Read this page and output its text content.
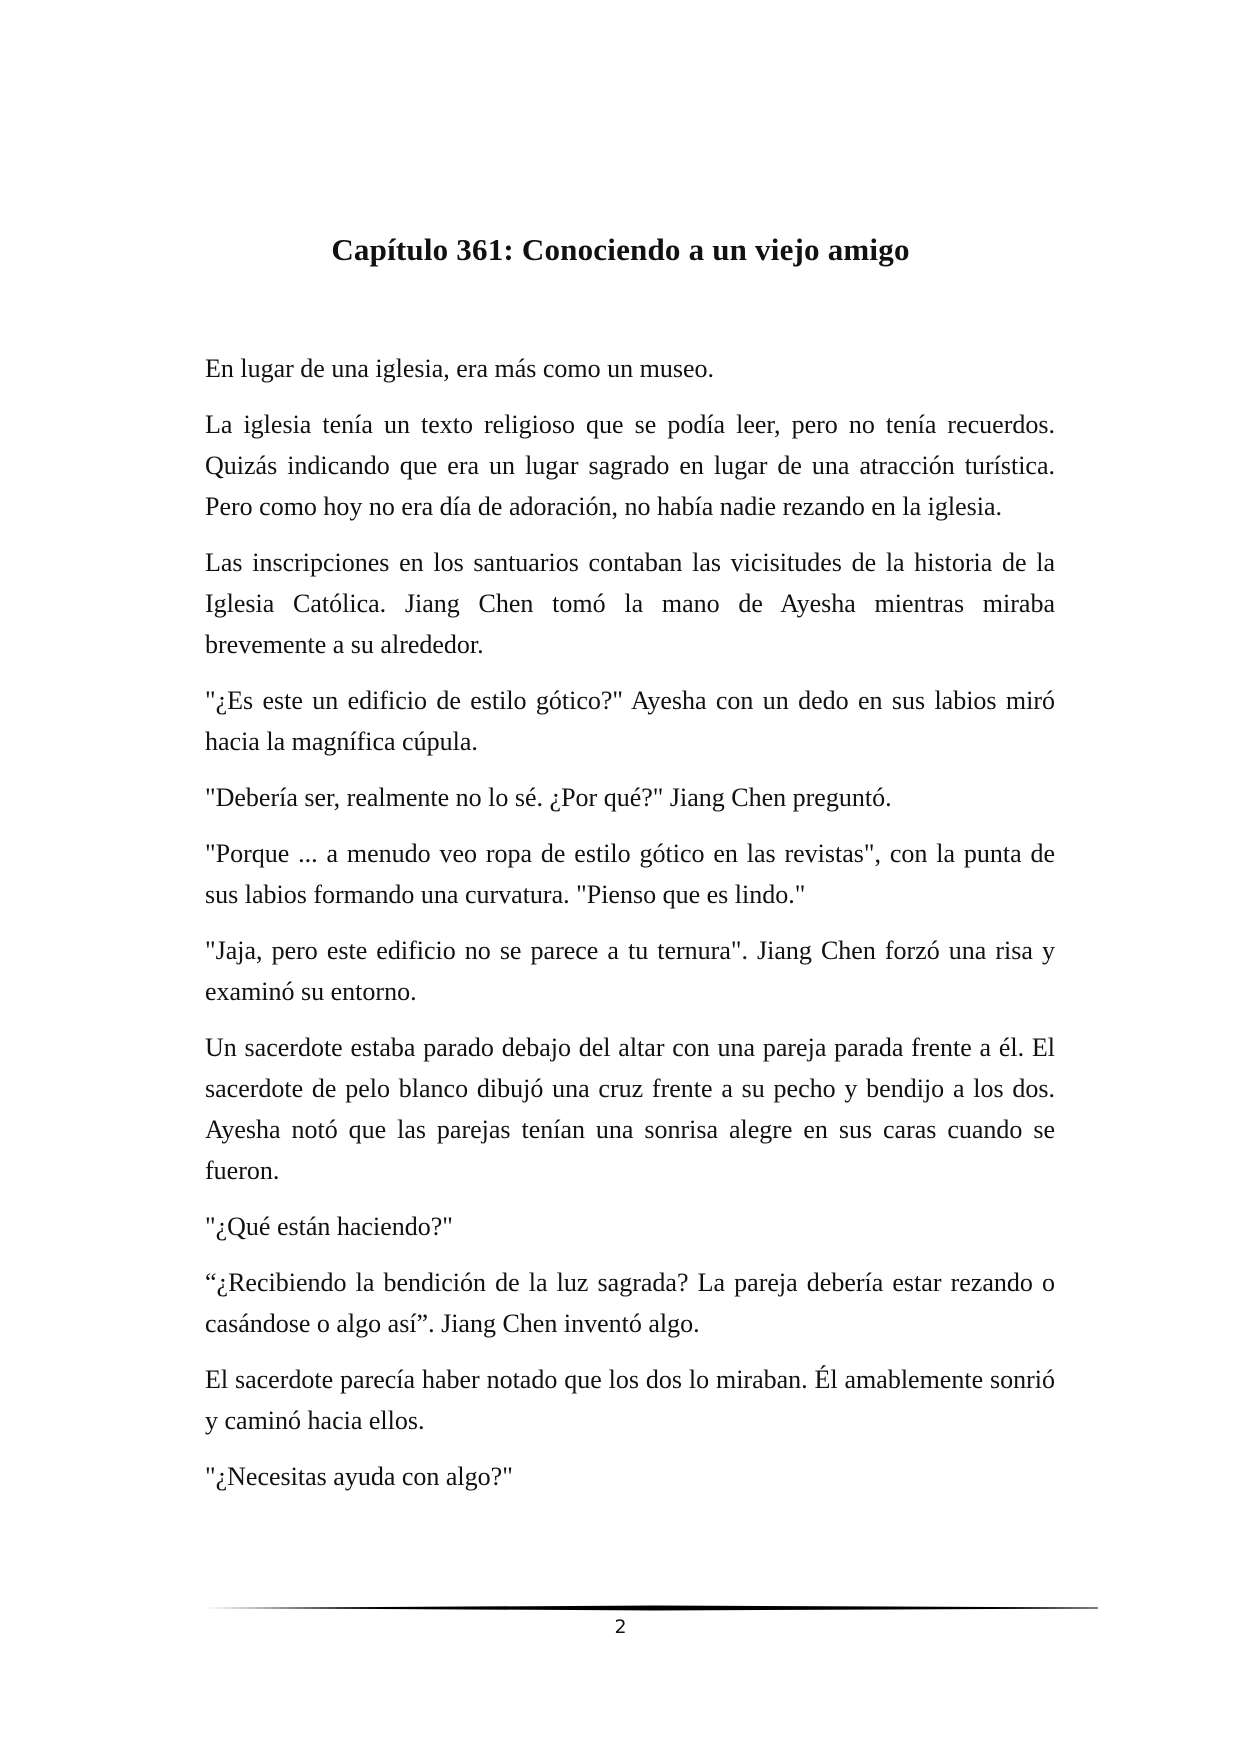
Capítulo 361: Conociendo a un viejo amigo

En lugar de una iglesia, era más como un museo.

La iglesia tenía un texto religioso que se podía leer, pero no tenía recuerdos. Quizás indicando que era un lugar sagrado en lugar de una atracción turística. Pero como hoy no era día de adoración, no había nadie rezando en la iglesia.

Las inscripciones en los santuarios contaban las vicisitudes de la historia de la Iglesia Católica. Jiang Chen tomó la mano de Ayesha mientras miraba brevemente a su alrededor.

"¿Es este un edificio de estilo gótico?" Ayesha con un dedo en sus labios miró hacia la magnífica cúpula.

"Debería ser, realmente no lo sé. ¿Por qué?" Jiang Chen preguntó.

"Porque ... a menudo veo ropa de estilo gótico en las revistas", con la punta de sus labios formando una curvatura. "Pienso que es lindo."

"Jaja, pero este edificio no se parece a tu ternura". Jiang Chen forzó una risa y examinó su entorno.

Un sacerdote estaba parado debajo del altar con una pareja parada frente a él. El sacerdote de pelo blanco dibujó una cruz frente a su pecho y bendijo a los dos. Ayesha notó que las parejas tenían una sonrisa alegre en sus caras cuando se fueron.

"¿Qué están haciendo?"

“¿Recibiendo la bendición de la luz sagrada? La pareja debería estar rezando o casándose o algo así”. Jiang Chen inventó algo.

El sacerdote parecía haber notado que los dos lo miraban. Él amablemente sonrió y caminó hacia ellos.

"¿Necesitas ayuda con algo?"

2
